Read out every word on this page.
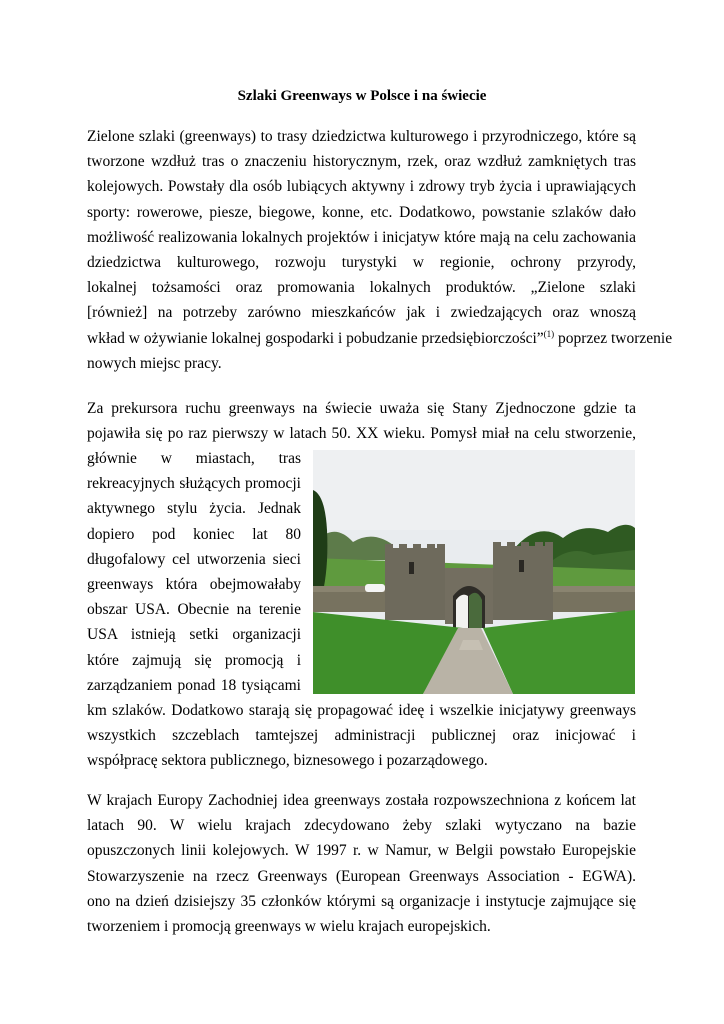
Szlaki Greenways w Polsce i na świecie
Zielone szlaki (greenways) to trasy dziedzictwa kulturowego i przyrodniczego, które są
tworzone wzdłuż tras o znaczeniu historycznym, rzek, oraz wzdłuż zamkniętych tras
kolejowych. Powstały dla osób lubiących aktywny i zdrowy tryb życia i uprawiających
sporty: rowerowe, piesze, biegowe, konne, etc. Dodatkowo, powstanie szlaków dało
możliwość realizowania lokalnych projektów i inicjatyw które mają na celu zachowania
dziedzictwa kulturowego, rozwoju turystyki w regionie, ochrony przyrody,
lokalnej tożsamości oraz promowania lokalnych produktów. „Zielone szlaki
[również] na potrzeby zarówno mieszkańców jak i zwiedzających oraz wnoszą
wkład w ożywianie lokalnej gospodarki i pobudzanie przedsiębiorczości”$^{(1)}$ poprzez tworzenie
nowych miejsc pracy.
Za prekursora ruchu greenways na świecie uważa się Stany Zjednoczone gdzie ta
pojawiła się po raz pierwszy w latach 50. XX wieku. Pomysł miał na celu stworzenie,
głównie w miastach, tras
rekreacyjnych służących promocji
aktywnego stylu życia. Jednak
dopiero pod koniec lat 80
długofalowy cel utworzenia sieci
greenways która obejmowałaby
obszar USA. Obecnie na terenie
USA istnieją setki organizacji
które zajmują się promocją i
zarządzaniem ponad 18 tysiącami
km szlaków. Dodatkowo starają się propagować ideę i wszelkie inicjatywy greenways
wszystkich szczeblach tamtejszej administracji publicznej oraz inicjować i
współpracę sektora publicznego, biznesowego i pozarządowego.
W krajach Europy Zachodniej idea greenways została rozpowszechniona z końcem lat
latach 90. W wielu krajach zdecydowano żeby szlaki wytyczano na bazie
opuszczonych linii kolejowych. W 1997 r. w Namur, w Belgii powstało Europejskie
Stowarzyszenie na rzecz Greenways (European Greenways Association - EGWA).
ono na dzień dzisiejszy 35 członków którymi są organizacje i instytucje zajmujące się
tworzeniem i promocją greenways w wielu krajach europejskich.
